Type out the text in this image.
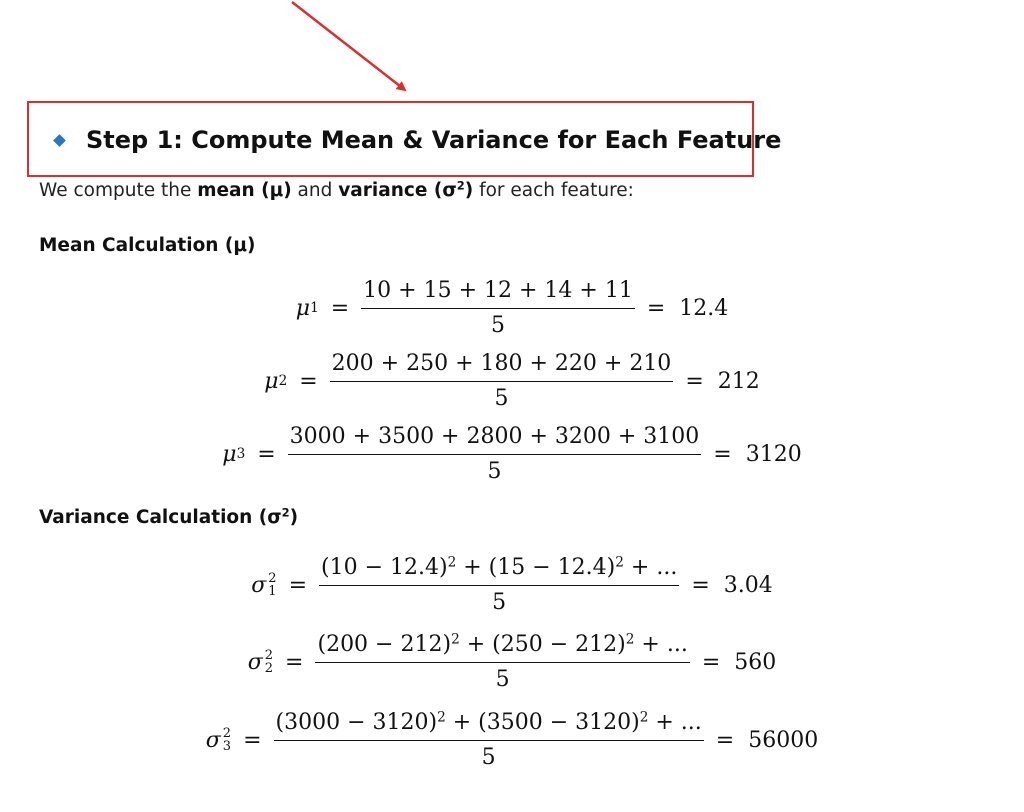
Step 1: Compute Mean & Variance for Each Feature
We compute the mean (μ) and variance $(\sigma^2)$ for each feature:
Mean Calculation (μ)
μ $1 = \frac{10 + 15 + 12 + 14 + 11}{5} = 12.4$
μ $2 = \frac{200 + 250 + 180 + 220 + 210}{5} = 212$
μ $3 = \frac{3000 + 3500 + 2800 + 3200 + 3100}{5} = 3120$
Variance Calculation $(\sigma^2)$
σ 2
$1 = \frac{(10 - 12.4)^2 + (15 - 12.4)^2 + ...}{5} = 3.04$
σ 2
$2 = \frac{(200 - 212)^2 + (250 - 212)^2 + ...}{5} = 560$
σ 2
$3 = \frac{(3000 - 3120)^2 + (3500 - 3120)^2 + ...}{5} = 56000$
